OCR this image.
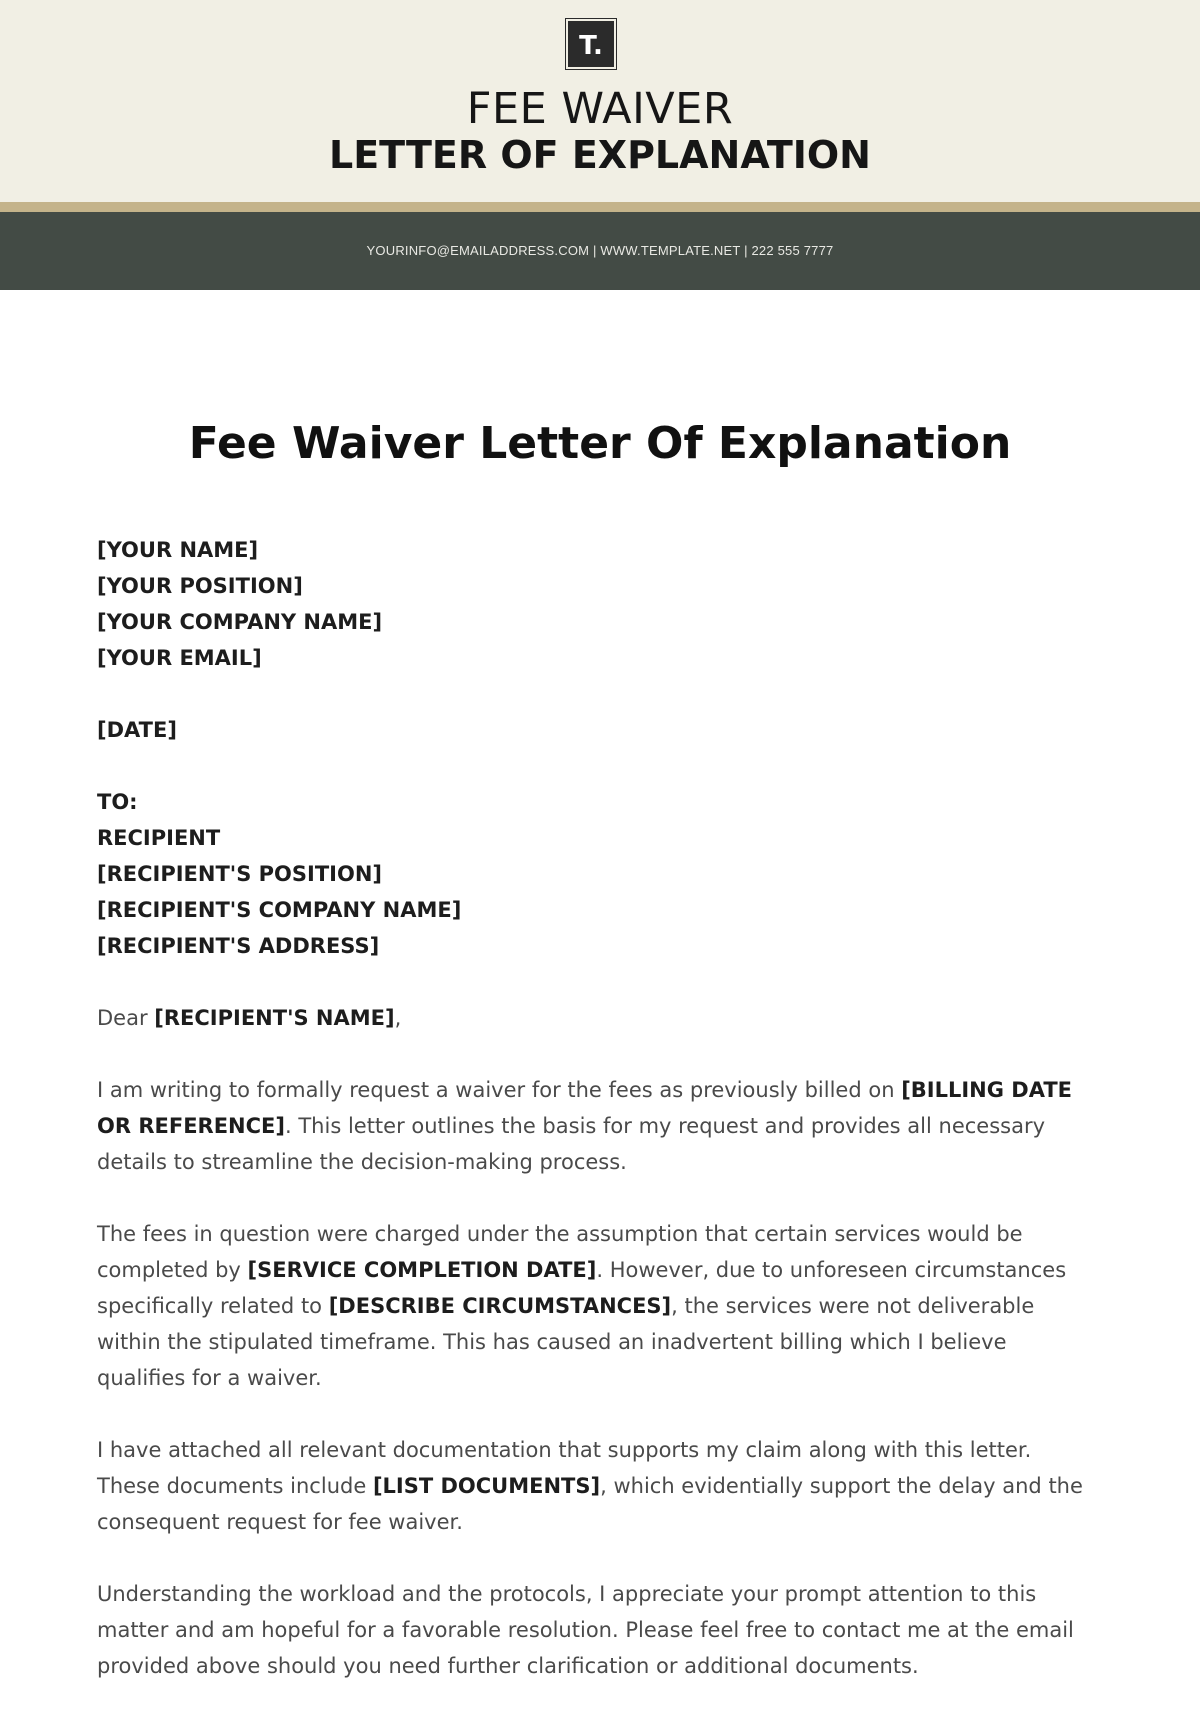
T.
FEE WAIVER
LETTER OF EXPLANATION
YOURINFO@EMAILADDRESS.COM | WWW.TEMPLATE.NET | 222 555 7777
Fee Waiver Letter Of Explanation
[YOUR NAME]
[YOUR POSITION]
[YOUR COMPANY NAME]
[YOUR EMAIL]
[DATE]
TO:
RECIPIENT
[RECIPIENT'S POSITION]
[RECIPIENT'S COMPANY NAME]
[RECIPIENT'S ADDRESS]

Dear [RECIPIENT'S NAME],

I am writing to formally request a waiver for the fees as previously billed on [BILLING DATE OR REFERENCE]. This letter outlines the basis for my request and provides all necessary details to streamline the decision-making process.

The fees in question were charged under the assumption that certain services would be completed by [SERVICE COMPLETION DATE]. However, due to unforeseen circumstances specifically related to [DESCRIBE CIRCUMSTANCES], the services were not deliverable within the stipulated timeframe. This has caused an inadvertent billing which I believe qualifies for a waiver.

I have attached all relevant documentation that supports my claim along with this letter. These documents include [LIST DOCUMENTS], which evidentially support the delay and the consequent request for fee waiver.

Understanding the workload and the protocols, I appreciate your prompt attention to this matter and am hopeful for a favorable resolution. Please feel free to contact me at the email provided above should you need further clarification or additional documents.
